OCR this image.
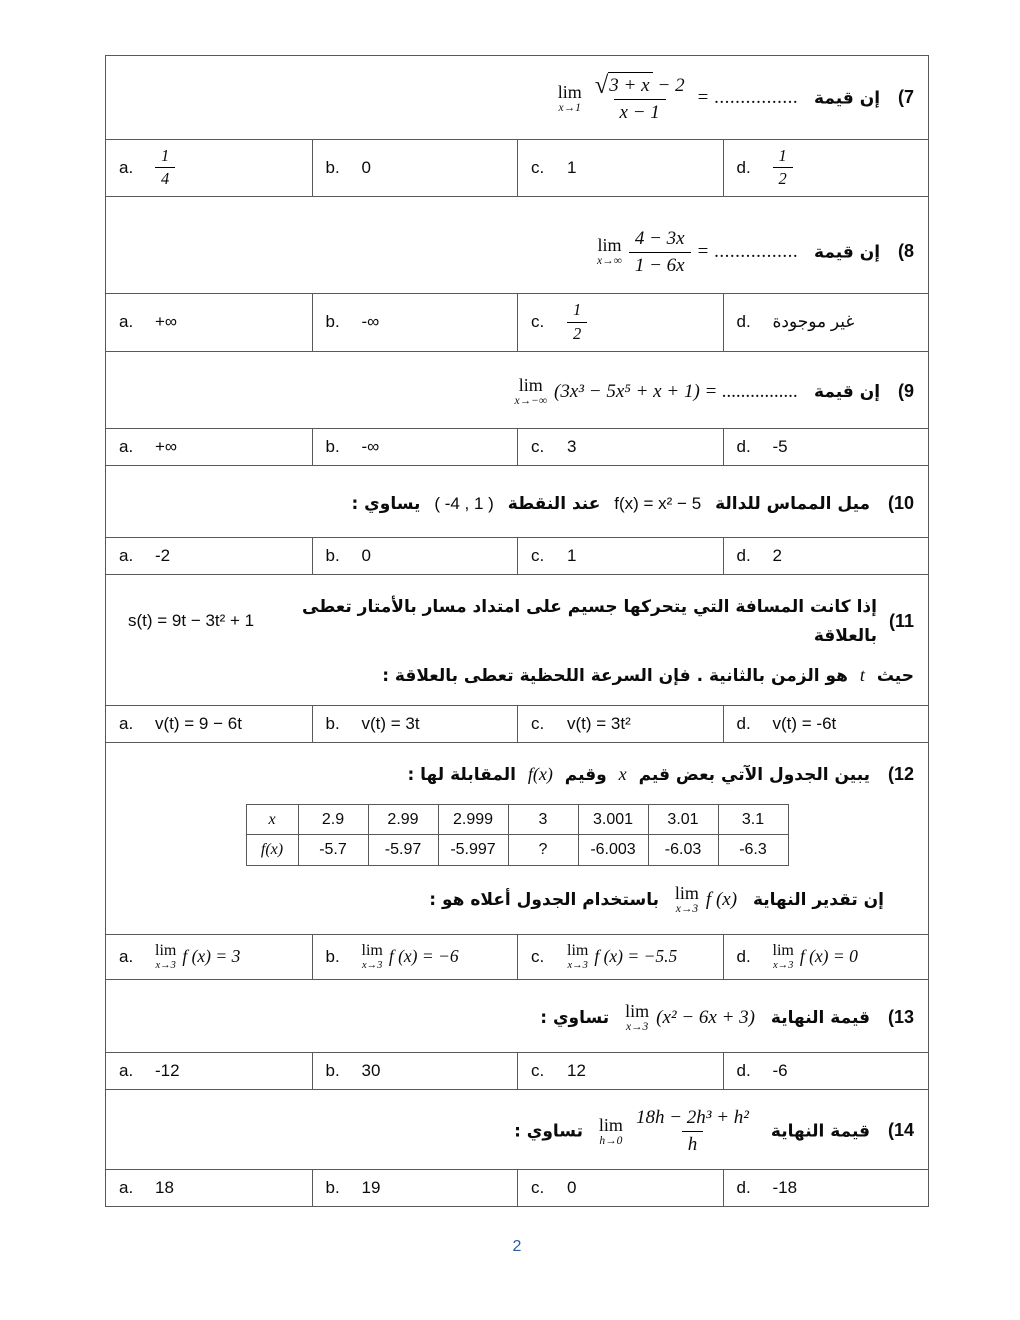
(7 إن قيمة
lim
$x\to 1 \frac{√ 3 + x - 2}{x - 1}$ = ................
a.	$\frac{1}{4}$	b.	0	c.	1	d.	$\frac{1}{2}$
(8 إن قيمة
lim
$x\to\infty \frac{4 - 3x}{1 - 6x}$ = ................
a.	+∞	b.	-∞	c.	$\frac{1}{2}$	d.	غير موجودة
(9 إن قيمة
lim
x→−∞ (3x³ − 5x⁵ + x + 1) = ................
a.	+∞	b.	-∞	c.	3	d.	-5
(10 ميل المماس للدالة f(x) = x² − 5 عند النقطة ( -4 , 1 ) يساوي :
a.	-2	b.	0	c.	1	d.	2
(11
إذا كانت المسافة التي يتحركها جسيم على امتداد مسار بالأمتار تعطى بالعلاقة
s(t) = 9t − 3t² + 1
حيث t هو الزمن بالثانية . فإن السرعة اللحظية تعطى بالعلاقة :
a.	v(t) = 9 − 6t	b.	v(t) = 3t	c.	v(t) = 3t²	d.	v(t) = -6t
(12 يبين الجدول الآتي بعض قيم x وقيم f(x) المقابلة لها :
x	2.9	2.99	2.999	3	3.001	3.01	3.1
f(x)	-5.7	-5.97	-5.997	?	-6.003	-6.03	-6.3
إن تقدير النهاية
lim
x→3 f (x)
باستخدام الجدول أعلاه هو :
a.	lim
x→3 f (x) = 3	b.	lim
x→3 f (x) = −6	c.	lim
x→3 f (x) = −5.5	d.	lim
x→3 f (x) = 0
(13 قيمة النهاية
lim
x→3 (x² − 6x + 3)
تساوي :
a.	-12	b.	30	c.	12	d.	-6
(14 قيمة النهاية
lim
$h\to 0 \frac{\text{18h − 2h³ + h²}}{h}$
تساوي :
a.	18	b.	19	c.	0	d.	-18
2
